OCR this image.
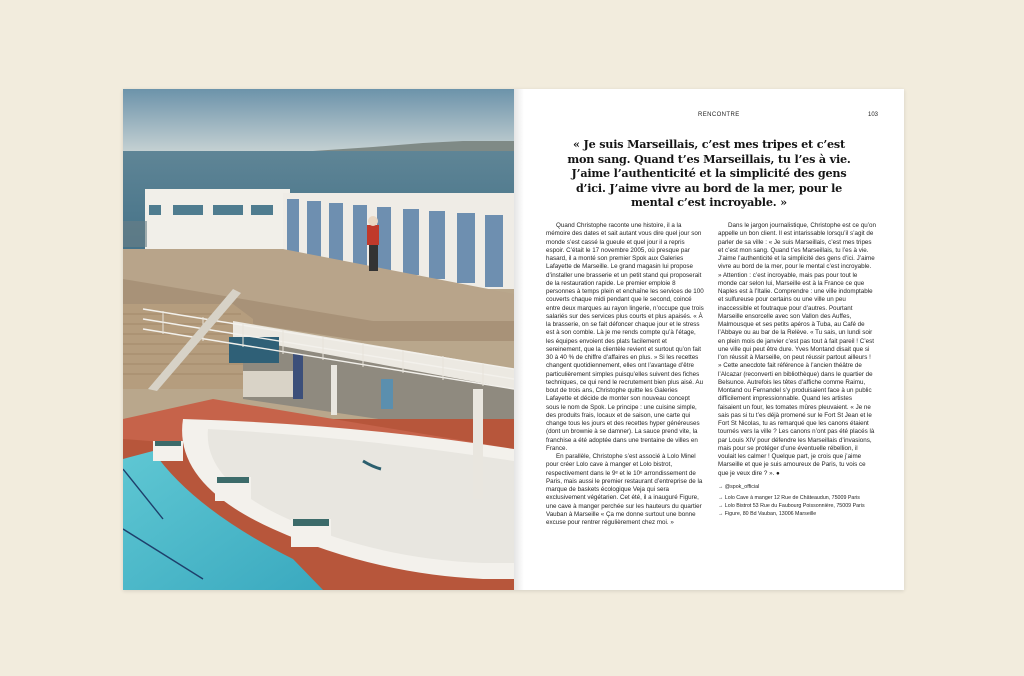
RENCONTRE	103
« Je suis Marseillais, c’est mes tripes et c’est mon sang. Quand t’es Marseillais, tu l’es à vie. J’aime l’authenticité et la simplicité des gens d’ici. J’aime vivre au bord de la mer, pour le mental c’est incroyable. »

Quand Christophe raconte une histoire, il a la mémoire des dates et sait autant vous dire quel jour son monde s’est cassé la gueule et quel jour il a repris espoir. C’était le 17 novembre 2005, où presque par hasard, il a monté son premier Spok aux Galeries Lafayette de Marseille. Le grand magasin lui propose d’installer une brasserie et un petit stand qui proposerait de la restauration rapide. Le premier emploie 8 personnes à temps plein et enchaîne les services de 100 couverts chaque midi pendant que le second, coincé entre deux marques au rayon lingerie, n’occupe que trois salariés sur des services plus courts et plus apaisés. « À la brasserie, on se fait défoncer chaque jour et le stress est à son comble. Là je me rends compte qu’à l’étage, les équipes envoient des plats facilement et sereinement, que la clientèle revient et surtout qu’on fait 30 à 40 % de chiffre d’affaires en plus. » Si les recettes changent quotidiennement, elles ont l’avantage d’être particulièrement simples puisqu’elles suivent des fiches techniques, ce qui rend le recrutement bien plus aisé. Au bout de trois ans, Christophe quitte les Galeries Lafayette et décide de monter son nouveau concept sous le nom de Spok. Le principe : une cuisine simple, des produits frais, locaux et de saison, une carte qui change tous les jours et des recettes hyper généreuses (dont un brownie à se damner). La sauce prend vite, la franchise a été adoptée dans une trentaine de villes en France.

En parallèle, Christophe s’est associé à Lolo Minel pour créer Lolo cave à manger et Lolo bistrot, respectivement dans le 9ᵉ et le 10ᵉ arrondissement de Paris, mais aussi le premier restaurant d’entreprise de la marque de baskets écologique Veja qui sera exclusivement végétarien. Cet été, il a inauguré Figure, une cave à manger perchée sur les hauteurs du quartier Vauban à Marseille « Ça me donne surtout une bonne excuse pour rentrer régulièrement chez moi. »

Dans le jargon journalistique, Christophe est ce qu’on appelle un bon client. Il est intarissable lorsqu’il s’agit de parler de sa ville : « Je suis Marseillais, c’est mes tripes et c’est mon sang. Quand t’es Marseillais, tu l’es à vie. J’aime l’authenticité et la simplicité des gens d’ici. J’aime vivre au bord de la mer, pour le mental c’est incroyable. » Attention : c’est incroyable, mais pas pour tout le monde car selon lui, Marseille est à la France ce que Naples est à l’Italie. Comprendre : une ville indomptable et sulfureuse pour certains ou une ville un peu inaccessible et foutraque pour d’autres. Pourtant Marseille ensorcelle avec son Vallon des Auffes, Malmousque et ses petits apéros à Tuba, au Café de l’Abbaye ou au bar de la Relève. « Tu sais, un lundi soir en plein mois de janvier c’est pas tout à fait pareil ! C’est une ville qui peut être dure. Yves Montand disait que si l’on réussit à Marseille, on peut réussir partout ailleurs ! » Cette anecdote fait référence à l’ancien théâtre de l’Alcazar (reconverti en bibliothèque) dans le quartier de Belsunce. Autrefois les têtes d’affiche comme Raimu, Montand ou Fernandel s’y produisaient face à un public difficilement impressionnable. Quand les artistes faisaient un four, les tomates mûres pleuvaient. « Je ne sais pas si tu t’es déjà promené sur le Fort St Jean et le Fort St Nicolas, tu as remarqué que les canons étaient tournés vers la ville ? Les canons n’ont pas été placés là par Louis XIV pour défendre les Marseillais d’invasions, mais pour se protéger d’une éventuelle rébellion, il voulait les calmer ! Quelque part, je crois que j’aime Marseille et que je suis amoureux de Paris, tu vois ce que je veux dire ? ». ●

→ @spok_official
→ Lolo Cave à manger 12 Rue de Châteaudun, 75009 Paris
→ Lolo Bistrot 53 Rue du Faubourg Poissonnière, 75009 Paris
→ Figure, 80 Bd Vauban, 13006 Marseille
